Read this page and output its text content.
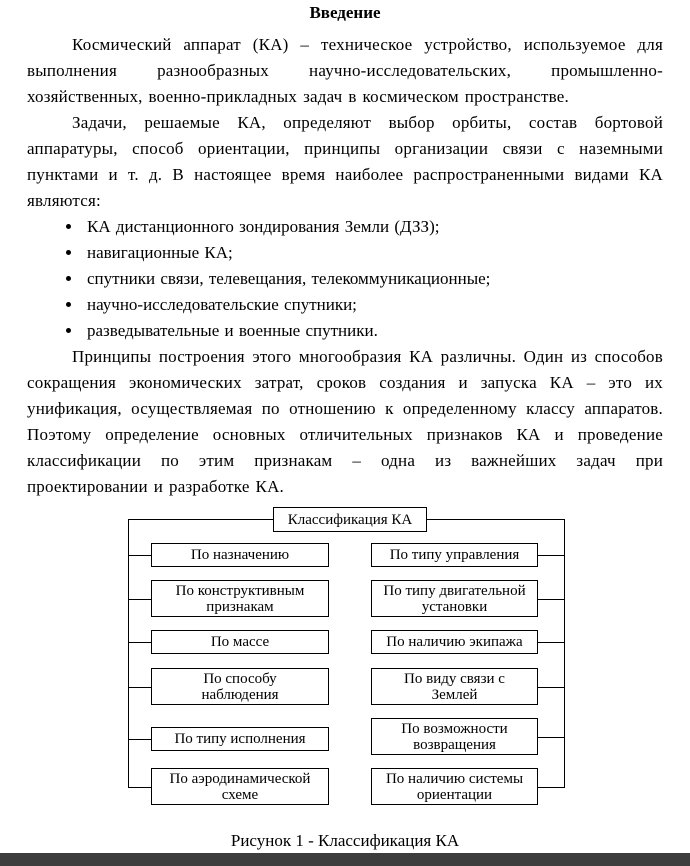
Введение

Космический аппарат (КА) – техническое устройство, используемое для выполнения разнообразных научно-исследовательских, промышленно-хозяйственных, военно-прикладных задач в космическом пространстве.

Задачи, решаемые КА, определяют выбор орбиты, состав бортовой аппаратуры, способ ориентации, принципы организации связи с наземными пунктами и т. д. В настоящее время наиболее распространенными видами КА являются:

• КА дистанционного зондирования Земли (ДЗЗ);
• навигационные КА;
• спутники связи, телевещания, телекоммуникационные;
• научно-исследовательские спутники;
• разведывательные и военные спутники.

Принципы построения этого многообразия КА различны. Один из способов сокращения экономических затрат, сроков создания и запуска КА – это их унификация, осуществляемая по отношению к определенному классу аппаратов. Поэтому определение основных отличительных признаков КА и проведение классификации по этим признакам – одна из важнейших задач при проектировании и разработке КА.

Классификация КА
По назначению
По конструктивным признакам
По массе
По способу наблюдения
По типу исполнения
По аэродинамической схеме
По типу управления
По типу двигательной установки
По наличию экипажа
По виду связи с Землей
По возможности возвращения
По наличию системы ориентации

Рисунок 1 - Классификация КА
